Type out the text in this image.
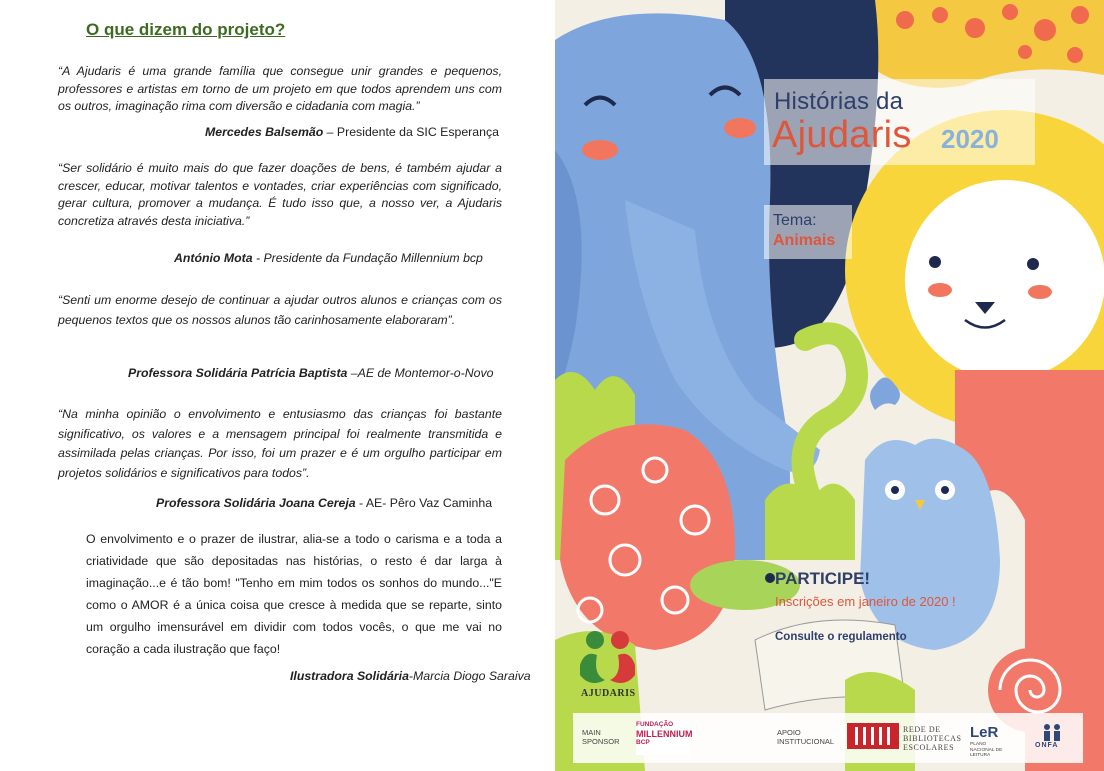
O que dizem do projeto?
“A Ajudaris é uma grande família que consegue unir grandes e pequenos, professores e artistas em torno de um projeto em que todos aprendem uns com os outros, imaginação rima com diversão e cidadania com magia.”
Mercedes Balsemão – Presidente da SIC Esperança
“Ser solidário é muito mais do que fazer doações de bens, é também ajudar a crescer, educar, motivar talentos e vontades, criar experiências com significado, gerar cultura, promover a mudança. É tudo isso que, a nosso ver, a Ajudaris concretiza através desta iniciativa.”
António Mota - Presidente da Fundação Millennium bcp
“Senti um enorme desejo de continuar a ajudar outros alunos e crianças com os pequenos textos que os nossos alunos tão carinhosamente elaboraram”.
Professora Solidária Patrícia Baptista –AE de Montemor-o-Novo
“Na minha opinião o envolvimento e entusiasmo das crianças foi bastante significativo, os valores e a mensagem principal foi realmente transmitida e assimilada pelas crianças. Por isso, foi um prazer e é um orgulho participar em projetos solidários e significativos para todos”.
Professora Solidária Joana Cereja - AE- Pêro Vaz Caminha
O envolvimento e o prazer de ilustrar, alia-se a todo o carisma e a toda a criatividade que são depositadas nas histórias, o resto é dar larga à imaginação...e é tão bom! "Tenho em mim todos os sonhos do mundo..."E como o AMOR é a única coisa que cresce à medida que se reparte, sinto um orgulho imensurável em dividir com todos vocês, o que me vai no coração a cada ilustração que faço!
Ilustradora Solidária-Marcia Diogo Saraiva
Histórias da
Ajudaris 2020
Tema:
Animais
PARTICIPE!
Inscrições em janeiro de 2020 !
Consulte o regulamento
AJUDARIS
MAIN SPONSOR
FUNDAÇÃO
MILLENNIUM
BCP
APOIO INSTITUCIONAL
REDE DE BIBLIOTECAS ESCOLARES
LeR
PLANO NACIONAL DE LEITURA
ONFA
